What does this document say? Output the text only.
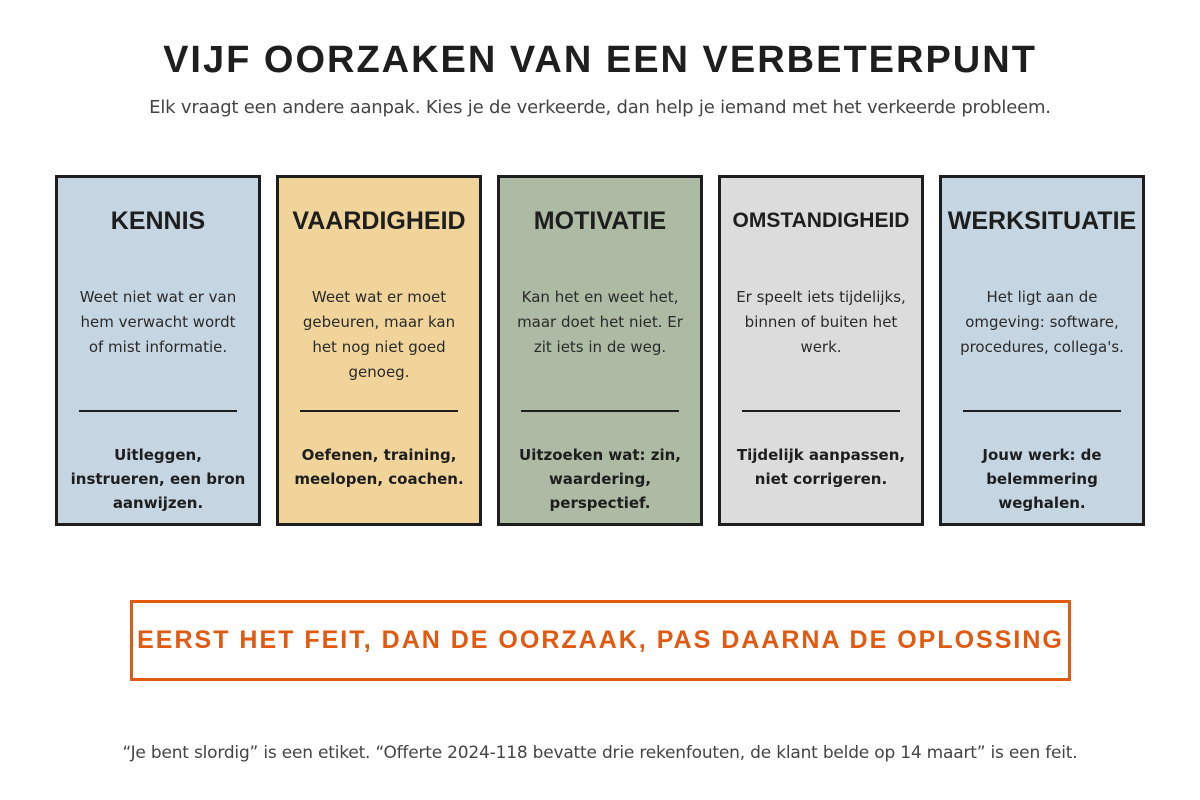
VIJF OORZAKEN VAN EEN VERBETERPUNT

Elk vraagt een andere aanpak. Kies je de verkeerde, dan help je iemand met het verkeerde probleem.

KENNIS
Weet niet wat er van hem verwacht wordt of mist informatie.
Uitleggen, instrueren, een bron aanwijzen.
VAARDIGHEID
Weet wat er moet gebeuren, maar kan het nog niet goed genoeg.
Oefenen, training, meelopen, coachen.
MOTIVATIE
Kan het en weet het, maar doet het niet. Er zit iets in de weg.
Uitzoeken wat: zin, waardering, perspectief.
OMSTANDIGHEID
Er speelt iets tijdelijks, binnen of buiten het werk.
Tijdelijk aanpassen, niet corrigeren.
WERKSITUATIE
Het ligt aan de omgeving: software, procedures, collega's.
Jouw werk: de belemmering weghalen.
EERST HET FEIT, DAN DE OORZAAK, PAS DAARNA DE OPLOSSING

“Je bent slordig” is een etiket. “Offerte 2024-118 bevatte drie rekenfouten, de klant belde op 14 maart” is een feit.
